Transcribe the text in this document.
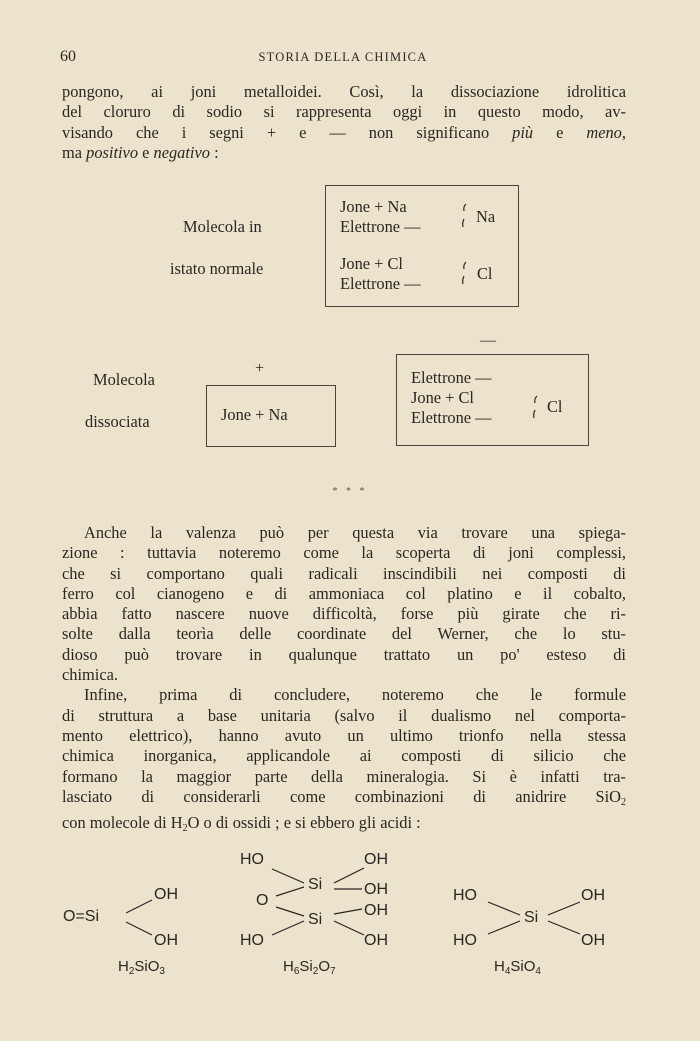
60	STORIA DELLA CHIMICA
pongono, ai joni metalloidei. Così, la dissociazione idrolitica
del cloruro di sodio si rappresenta oggi in questo modo, av-
visando che i segni + e — non significano più e meno,
ma positivo e negativo :
Molecola in
istato normale
Jone + Na
Elettrone —
Na
Jone + Cl
Elettrone —
Cl
Molecola
dissociata
+
Jone + Na
—
Elettrone —
Jone + Cl
Elettrone —
Cl
* * *
Anche la valenza può per questa via trovare una spiega-
zione : tuttavia noteremo come la scoperta di joni complessi,
che si comportano quali radicali inscindibili nei composti di
ferro col cianogeno e di ammoniaca col platino e il cobalto,
abbia fatto nascere nuove difficoltà, forse più girate che ri-
solte dalla teorìa delle coordinate del Werner, che lo stu-
dioso può trovare in qualunque trattato un po' esteso di
chimica.
Infine, prima di concludere, noteremo che le formule
di struttura a base unitaria (salvo il dualismo nel comporta-
mento elettrico), hanno avuto un ultimo trionfo nella stessa
chimica inorganica, applicandole ai composti di silicio che
formano la maggior parte della mineralogia. Si è infatti tra-
lasciato di considerarli come combinazioni di anidrire SiO$_2$
con molecole di $H_2O$ o di ossidi ; e si ebbero gli acidi :
O=Si
OH
OH
$H_2SiO_3$
HO	OH
Si
O
OH
OH
Si
HO	OH
$H_6Si_2O_7$
HO	OH
Si
HO	OH
$H_4SiO_4$
